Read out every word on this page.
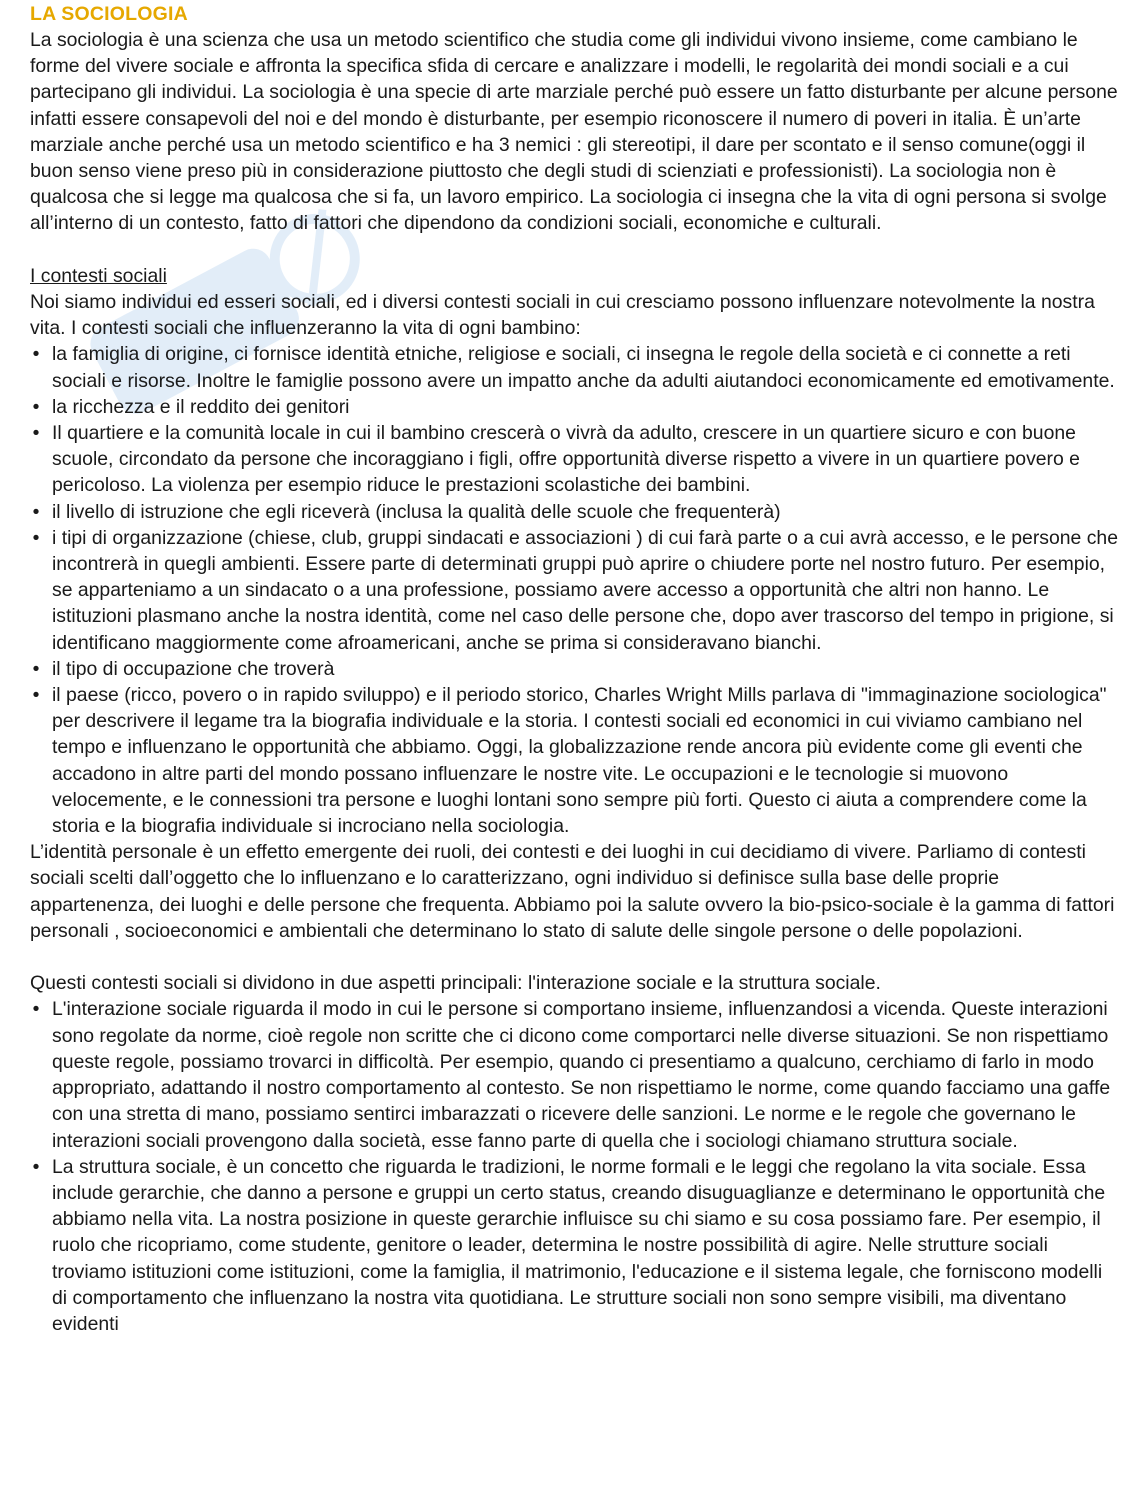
LA SOCIOLOGIA

La sociologia è una scienza che usa un metodo scientifico che studia come gli individui vivono insieme, come cambiano le forme del vivere sociale e affronta la specifica sfida di cercare e analizzare i modelli, le regolarità dei mondi sociali e a cui partecipano gli individui. La sociologia è una specie di arte marziale perché può essere un fatto disturbante per alcune persone infatti essere consapevoli del noi e del mondo è disturbante, per esempio riconoscere il numero di poveri in italia. È un’arte marziale anche perché usa un metodo scientifico e ha 3 nemici : gli stereotipi, il dare per scontato e il senso comune(oggi il buon senso viene preso più in considerazione piuttosto che degli studi di scienziati e professionisti). La sociologia non è qualcosa che si legge ma qualcosa che si fa, un lavoro empirico. La sociologia ci insegna che la vita di ogni persona si svolge all’interno di un contesto, fatto di fattori che dipendono da condizioni sociali, economiche e culturali.

I contesti sociali

Noi siamo individui ed esseri sociali, ed i diversi contesti sociali in cui cresciamo possono influenzare notevolmente la nostra vita. I contesti sociali che influenzeranno la vita di ogni bambino:

• la famiglia di origine, ci fornisce identità etniche, religiose e sociali, ci insegna le regole della società e ci connette a reti sociali e risorse. Inoltre le famiglie possono avere un impatto anche da adulti aiutandoci economicamente ed emotivamente.
• la ricchezza e il reddito dei genitori
• Il quartiere e la comunità locale in cui il bambino crescerà o vivrà da adulto, crescere in un quartiere sicuro e con buone scuole, circondato da persone che incoraggiano i figli, offre opportunità diverse rispetto a vivere in un quartiere povero e pericoloso. La violenza per esempio riduce le prestazioni scolastiche dei bambini.
• il livello di istruzione che egli riceverà (inclusa la qualità delle scuole che frequenterà)
• i tipi di organizzazione (chiese, club, gruppi sindacati e associazioni ) di cui farà parte o a cui avrà accesso, e le persone che incontrerà in quegli ambienti. Essere parte di determinati gruppi può aprire o chiudere porte nel nostro futuro. Per esempio, se apparteniamo a un sindacato o a una professione, possiamo avere accesso a opportunità che altri non hanno. Le istituzioni plasmano anche la nostra identità, come nel caso delle persone che, dopo aver trascorso del tempo in prigione, si identificano maggiormente come afroamericani, anche se prima si consideravano bianchi.
• il tipo di occupazione che troverà
• il paese (ricco, povero o in rapido sviluppo) e il periodo storico, Charles Wright Mills parlava di "immaginazione sociologica" per descrivere il legame tra la biografia individuale e la storia. I contesti sociali ed economici in cui viviamo cambiano nel tempo e influenzano le opportunità che abbiamo. Oggi, la globalizzazione rende ancora più evidente come gli eventi che accadono in altre parti del mondo possano influenzare le nostre vite. Le occupazioni e le tecnologie si muovono velocemente, e le connessioni tra persone e luoghi lontani sono sempre più forti. Questo ci aiuta a comprendere come la storia e la biografia individuale si incrociano nella sociologia.

L’identità personale è un effetto emergente dei ruoli, dei contesti e dei luoghi in cui decidiamo di vivere. Parliamo di contesti sociali scelti dall’oggetto che lo influenzano e lo caratterizzano, ogni individuo si definisce sulla base delle proprie appartenenza, dei luoghi e delle persone che frequenta. Abbiamo poi la salute ovvero la bio-psico-sociale è la gamma di fattori personali , socioeconomici e ambientali che determinano lo stato di salute delle singole persone o delle popolazioni.

Questi contesti sociali si dividono in due aspetti principali: l'interazione sociale e la struttura sociale.

• L'interazione sociale riguarda il modo in cui le persone si comportano insieme, influenzandosi a vicenda. Queste interazioni sono regolate da norme, cioè regole non scritte che ci dicono come comportarci nelle diverse situazioni. Se non rispettiamo queste regole, possiamo trovarci in difficoltà. Per esempio, quando ci presentiamo a qualcuno, cerchiamo di farlo in modo appropriato, adattando il nostro comportamento al contesto. Se non rispettiamo le norme, come quando facciamo una gaffe con una stretta di mano, possiamo sentirci imbarazzati o ricevere delle sanzioni. Le norme e le regole che governano le interazioni sociali provengono dalla società, esse fanno parte di quella che i sociologi chiamano struttura sociale.
• La struttura sociale, è un concetto che riguarda le tradizioni, le norme formali e le leggi che regolano la vita sociale. Essa include gerarchie, che danno a persone e gruppi un certo status, creando disuguaglianze e determinano le opportunità che abbiamo nella vita. La nostra posizione in queste gerarchie influisce su chi siamo e su cosa possiamo fare. Per esempio, il ruolo che ricopriamo, come studente, genitore o leader, determina le nostre possibilità di agire. Nelle strutture sociali troviamo istituzioni come istituzioni, come la famiglia, il matrimonio, l'educazione e il sistema legale, che forniscono modelli di comportamento che influenzano la nostra vita quotidiana. Le strutture sociali non sono sempre visibili, ma diventano evidenti
